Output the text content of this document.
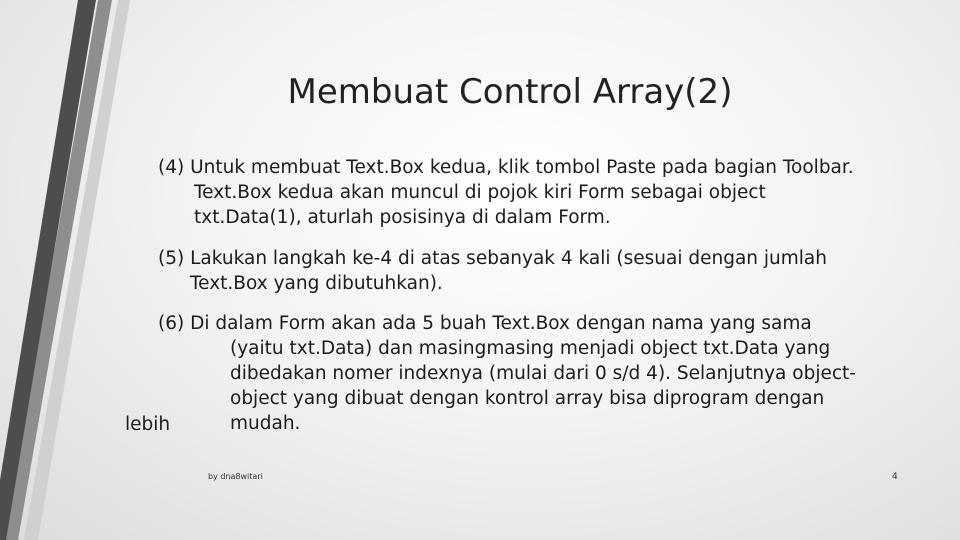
Membuat Control Array(2)
(4) Untuk membuat Text.Box kedua, klik tombol Paste pada bagian Toolbar.
Text.Box kedua akan muncul di pojok kiri Form sebagai object
txt.Data(1), aturlah posisinya di dalam Form.
(5) Lakukan langkah ke-4 di atas sebanyak 4 kali (sesuai dengan jumlah
Text.Box yang dibutuhkan).
(6) Di dalam Form akan ada 5 buah Text.Box dengan nama yang sama
(yaitu txt.Data) dan masingmasing menjadi object txt.Data yang
dibedakan nomer indexnya (mulai dari 0 s/d 4). Selanjutnya object-
object yang dibuat dengan kontrol array bisa diprogram dengan
mudah.
lebih
by dna8witari	4
